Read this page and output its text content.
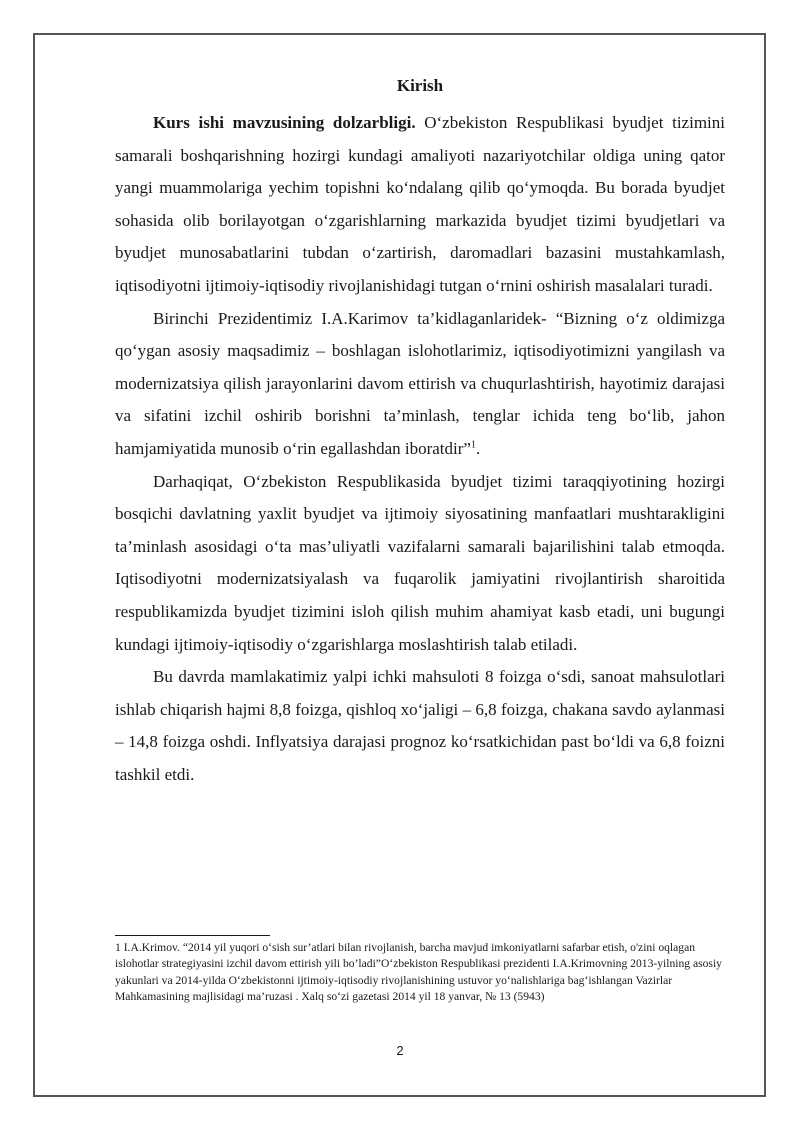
Kirish

Kurs ishi mavzusining dolzarbligi. O‘zbekiston Respublikasi byudjet tizimini samarali boshqarishning hozirgi kundagi amaliyoti nazariyotchilar oldiga uning qator yangi muammolariga yechim topishni ko‘ndalang qilib qo‘ymoqda. Bu borada byudjet sohasida olib borilayotgan o‘zgarishlarning markazida byudjet tizimi byudjetlari va byudjet munosabatlarini tubdan o‘zartirish, daromadlari bazasini mustahkamlash, iqtisodiyotni ijtimoiy-iqtisodiy rivojlanishidagi tutgan o‘rnini oshirish masalalari turadi.

Birinchi Prezidentimiz I.A.Karimov ta’kidlaganlaridek- “Bizning o‘z oldimizga qo‘ygan asosiy maqsadimiz – boshlagan islohotlarimiz, iqtisodiyotimizni yangilash va modernizatsiya qilish jarayonlarini davom ettirish va chuqurlashtirish, hayotimiz darajasi va sifatini izchil oshirib borishni ta’minlash, tenglar ichida teng bo‘lib, jahon hamjamiyatida munosib o‘rin egallashdan iboratdir”$^1$.

Darhaqiqat, O‘zbekiston Respublikasida byudjet tizimi taraqqiyotining hozirgi bosqichi davlatning yaxlit byudjet va ijtimoiy siyosatining manfaatlari mushtarakligini ta’minlash asosidagi o‘ta mas’uliyatli vazifalarni samarali bajarilishini talab etmoqda. Iqtisodiyotni modernizatsiyalash va fuqarolik jamiyatini rivojlantirish sharoitida respublikamizda byudjet tizimini isloh qilish muhim ahamiyat kasb etadi, uni bugungi kundagi ijtimoiy-iqtisodiy o‘zgarishlarga moslashtirish talab etiladi.

Bu davrda mamlakatimiz yalpi ichki mahsuloti 8 foizga o‘sdi, sanoat mahsulotlari ishlab chiqarish hajmi 8,8 foizga, qishloq xo‘jaligi – 6,8 foizga, chakana savdo aylanmasi – 14,8 foizga oshdi. Inflyatsiya darajasi prognoz ko‘rsatkichidan past bo‘ldi va 6,8 foizni tashkil etdi.

1 I.A.Krimov. “2014 yil yuqori o‘sish sur’atlari bilan rivojlanish, barcha mavjud imkoniyatlarni safarbar etish, o'zini oqlagan islohotlar strategiyasini izchil davom ettirish yili bo’ladi”O‘zbekiston Respublikasi prezidenti I.A.Krimovning 2013-yilning asosiy yakunlari va 2014-yilda O‘zbekistonni ijtimoiy-iqtisodiy rivojlanishining ustuvor yo‘nalishlariga bag‘ishlangan Vazirlar Mahkamasining majlisidagi ma’ruzasi . Xalq so‘zi gazetasi 2014 yil 18 yanvar, № 13 (5943)

2
